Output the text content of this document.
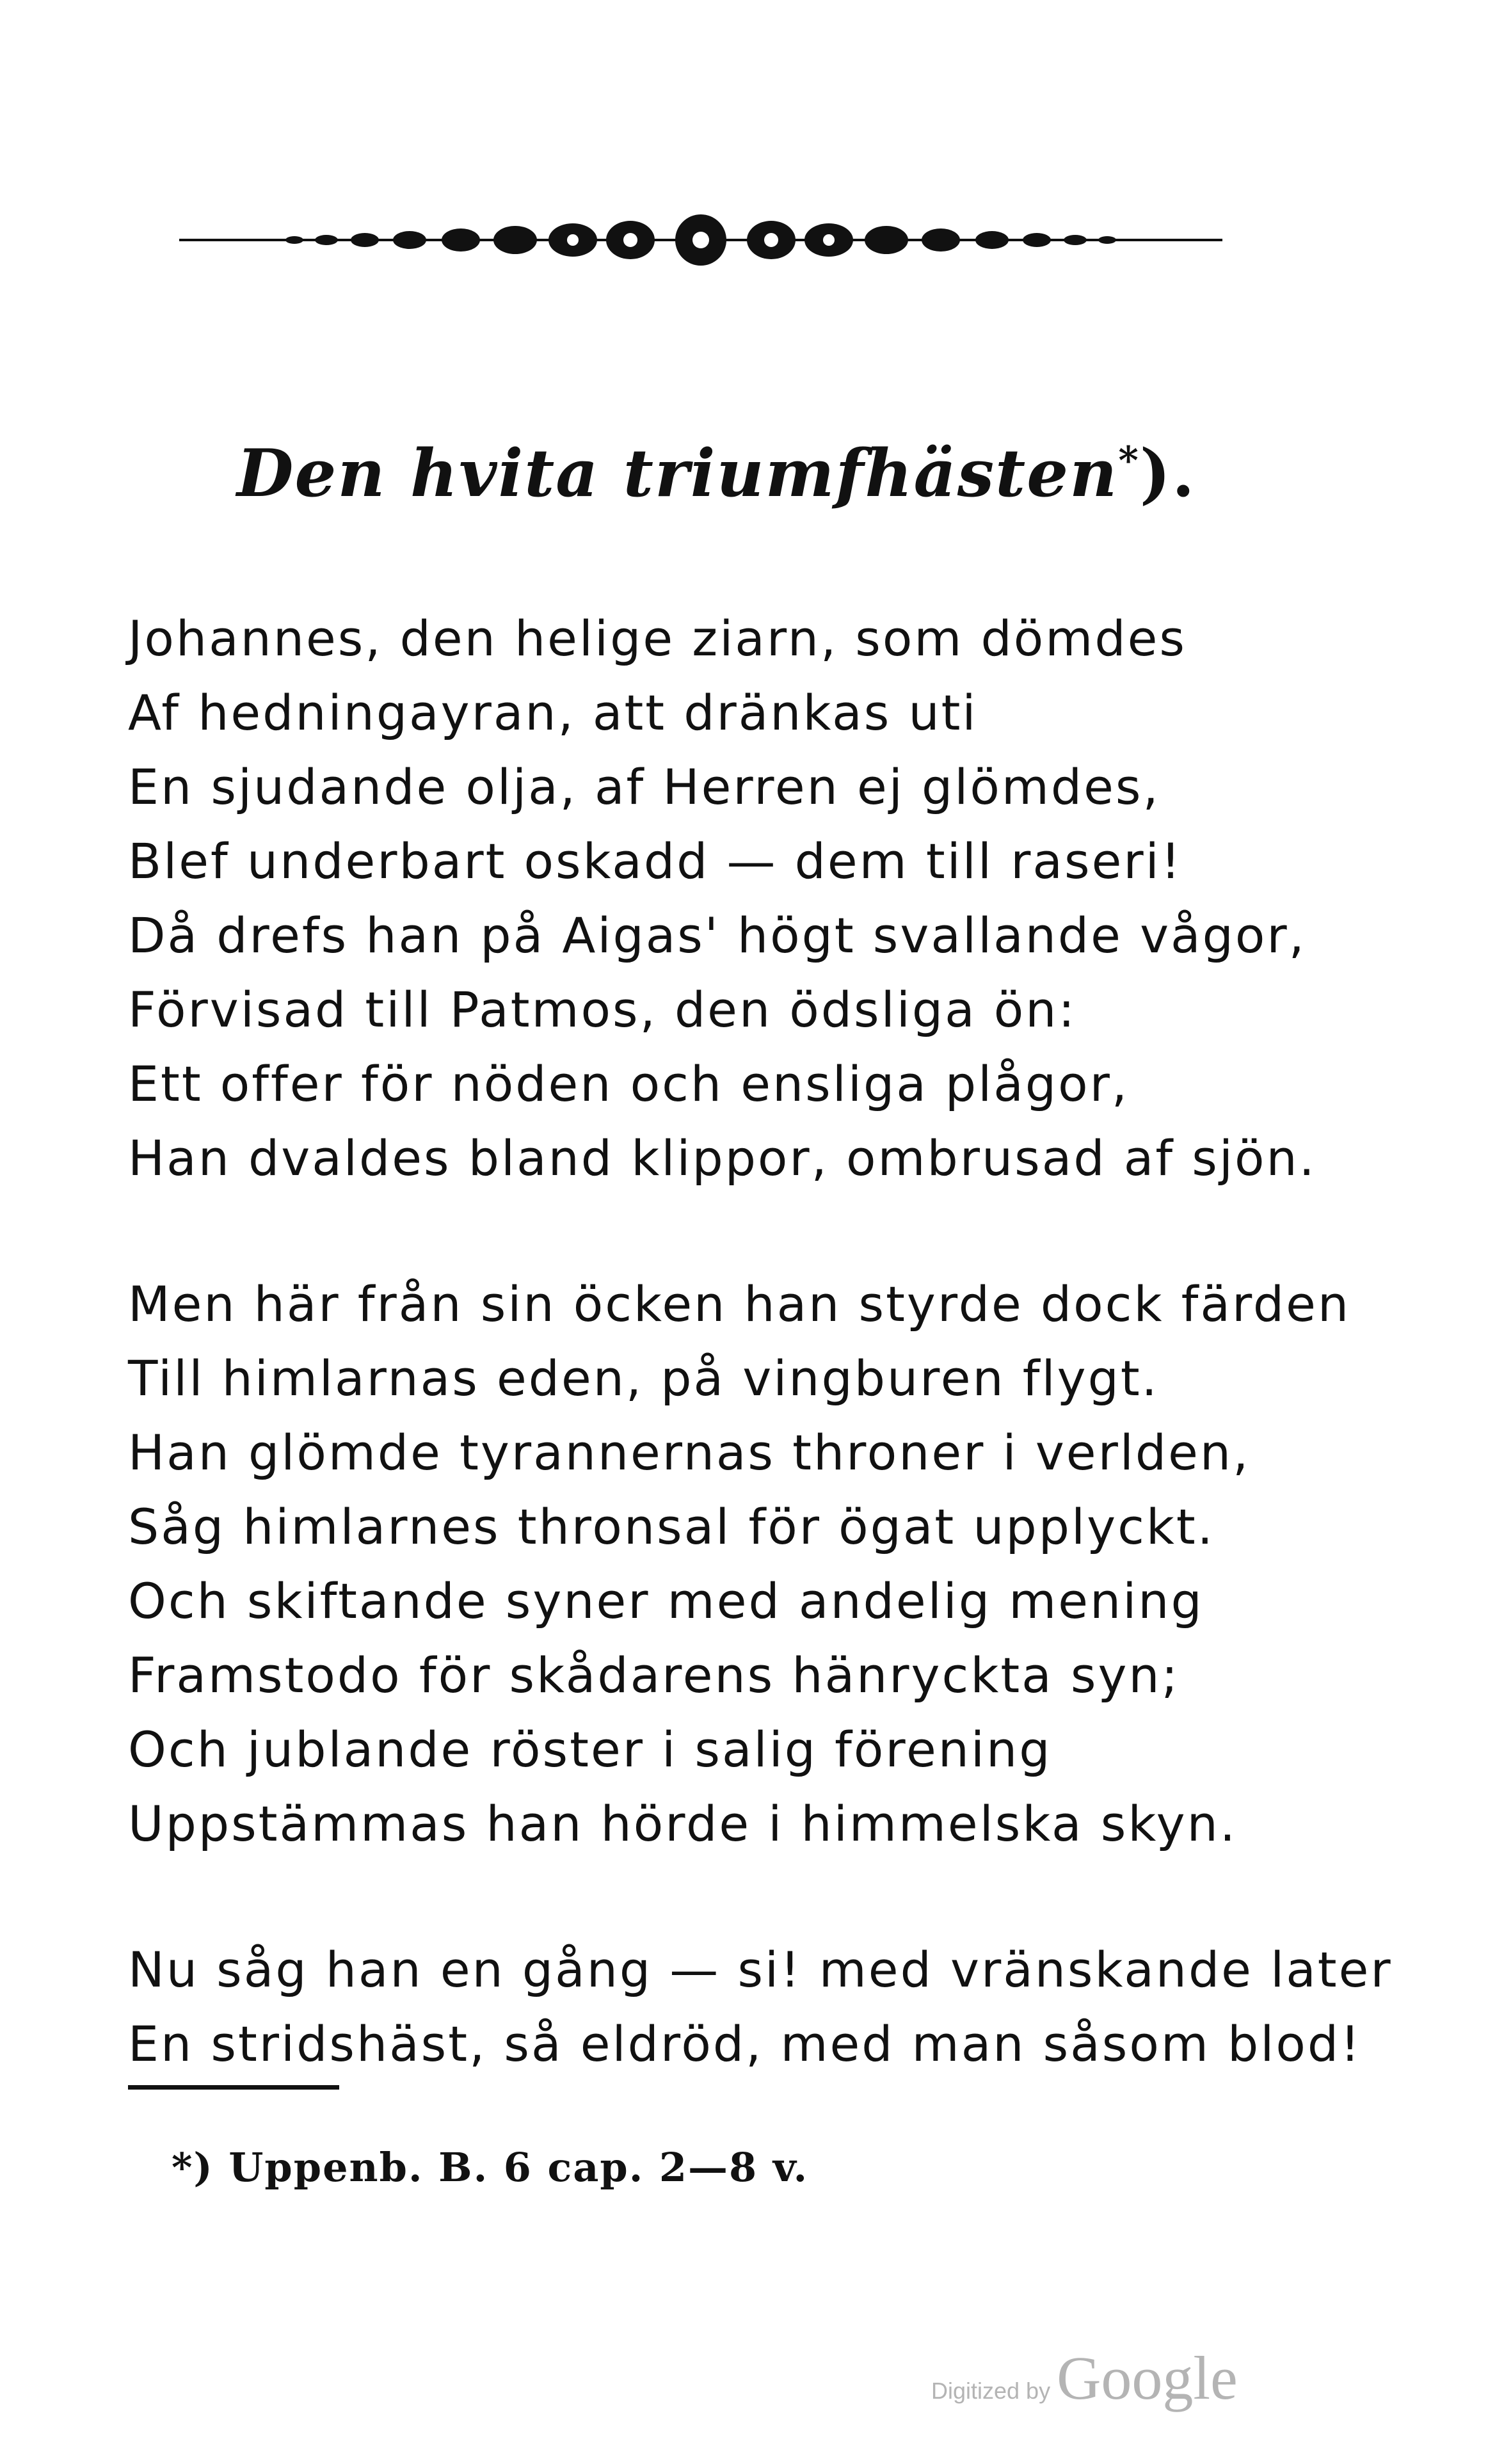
Den hvita triumfhästen*).
Johannes, den helige ziarn, som dömdes
Af hedningayran, att dränkas uti
En sjudande olja, af Herren ej glömdes,
Blef underbart oskadd — dem till raseri!
Då drefs han på Aigas' högt svallande vågor,
Förvisad till Patmos, den ödsliga ön:
Ett offer för nöden och ensliga plågor,
Han dvaldes bland klippor, ombrusad af sjön.
Men här från sin öcken han styrde dock färden
Till himlarnas eden, på vingburen flygt.
Han glömde tyrannernas throner i verlden,
Såg himlarnes thronsal för ögat upplyckt.
Och skiftande syner med andelig mening
Framstodo för skådarens hänryckta syn;
Och jublande röster i salig förening
Uppstämmas han hörde i himmelska skyn.
Nu såg han en gång — si! med vränskande later
En stridshäst, så eldröd, med man såsom blod!
*) Uppenb. B. 6 cap. 2—8 v.
Digitized by Google
